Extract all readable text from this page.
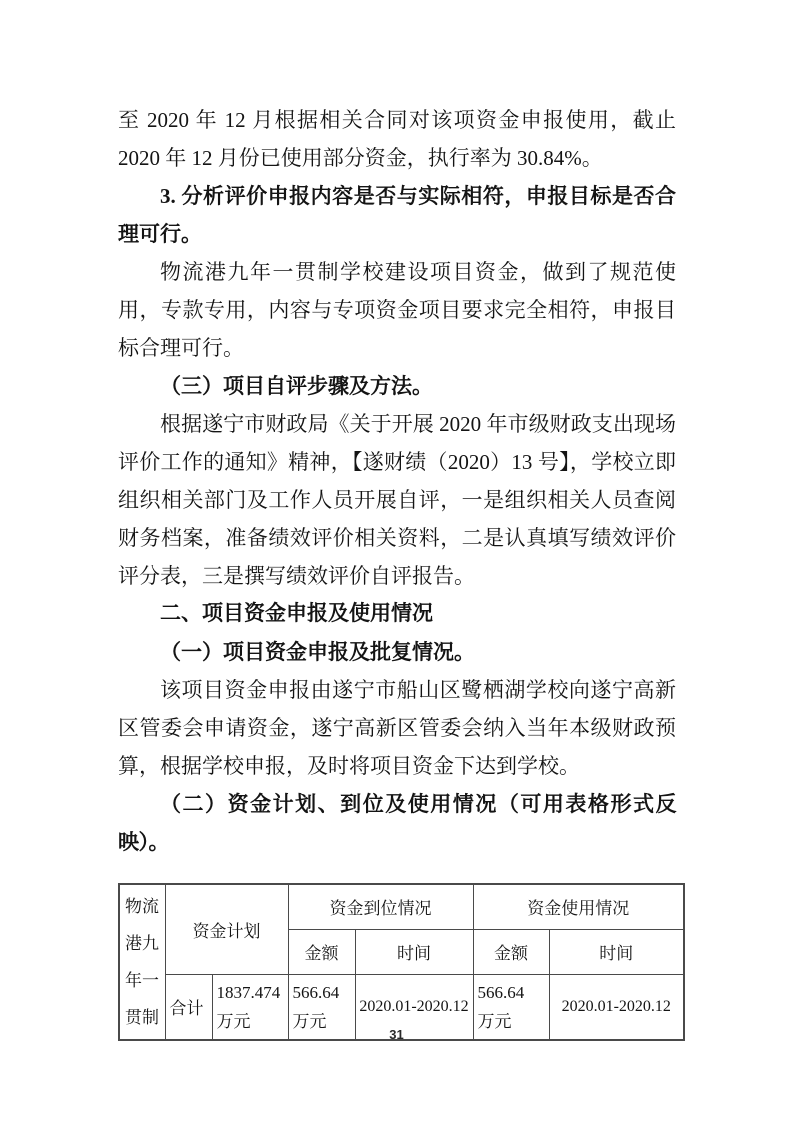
至 2020 年 12 月根据相关合同对该项资金申报使用，截止 2020 年 12 月份已使用部分资金，执行率为 30.84%。

3. 分析评价申报内容是否与实际相符，申报目标是否合理可行。

物流港九年一贯制学校建设项目资金，做到了规范使用，专款专用，内容与专项资金项目要求完全相符，申报目标合理可行。

（三）项目自评步骤及方法。

根据遂宁市财政局《关于开展 2020 年市级财政支出现场评价工作的通知》精神，【遂财绩（2020）13 号】，学校立即组织相关部门及工作人员开展自评，一是组织相关人员查阅财务档案，准备绩效评价相关资料，二是认真填写绩效评价评分表，三是撰写绩效评价自评报告。

二、项目资金申报及使用情况

（一）项目资金申报及批复情况。

该项目资金申报由遂宁市船山区鹭栖湖学校向遂宁高新区管委会申请资金，遂宁高新区管委会纳入当年本级财政预算，根据学校申报，及时将项目资金下达到学校。

（二）资金计划、到位及使用情况（可用表格形式反映）。

物流港九年一贯制	资金计划		资金到位情况		资金使用情况	
			金额	时间	金额	时间
	合计	1837.474 万元	566.64 万元	2020.01-2020.12	566.64 万元	2020.01-2020.12
31
